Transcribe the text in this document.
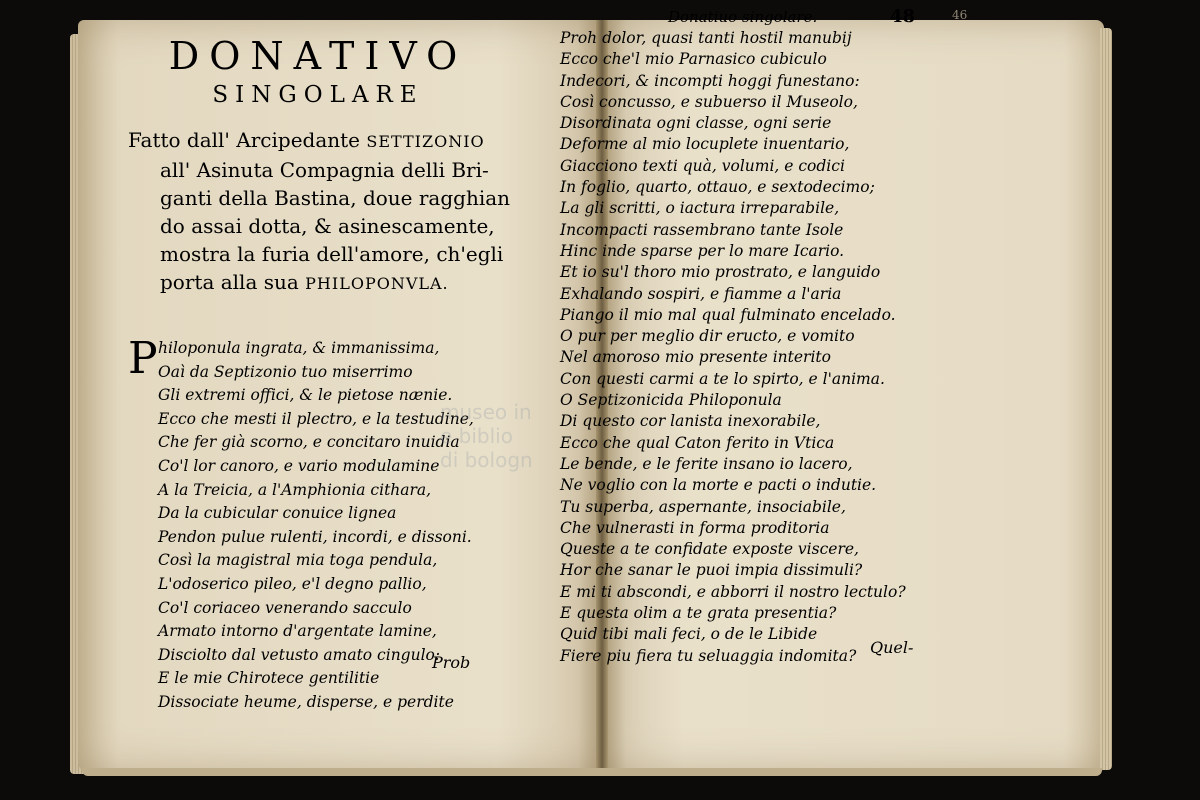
DONATIVO
SINGOLARE
Fatto dall' Arcipedante SETTIZONIO
all' Asinuta Compagnia delli Bri-
ganti della Bastina, doue ragghian
do assai dotta, & asinescamente,
mostra la furia dell'amore, ch'egli
porta alla sua PHILOPONVLA.
P hiloponula ingrata, & immanissima,
Oaì da Septizonio tuo miserrimo
Gli extremi offici, & le pietose nænie.
Ecco che mesti il plectro, e la testudine,
Che fer già scorno, e concitaro inuidia
Co'l lor canoro, e vario modulamine
A la Treicia, a l'Amphionia cithara,
Da la cubicular conuice lignea
Pendon pulue rulenti, incordi, e dissoni.
Così la magistral mia toga pendula,
L'odoserico pileo, e'l degno pallio,
Co'l coriaceo venerando sacculo
Armato intorno d'argentate lamine,
Disciolto dal vetusto amato cingulo:
E le mie Chirotece gentilitie
Dissociate heume, disperse, e perdite
Prob
Donatiuo singolare.	48	46
Proh dolor, quasi tanti hostil manubij
Ecco che'l mio Parnasico cubiculo
Indecori, & incompti hoggi funestano:
Così concusso, e subuerso il Museolo,
Disordinata ogni classe, ogni serie
Deforme al mio locuplete inuentario,
Giacciono texti quà, volumi, e codici
In foglio, quarto, ottauo, e sextodecimo;
La gli scritti, o iactura irreparabile,
Incompacti rassembrano tante Isole
Hinc inde sparse per lo mare Icario.
Et io su'l thoro mio prostrato, e languido
Exhalando sospiri, e fiamme a l'aria
Piango il mio mal qual fulminato encelado.
O pur per meglio dir eructo, e vomito
Nel amoroso mio presente interito
Con questi carmi a te lo spirto, e l'anima.
O Septizonicida Philoponula
Di questo cor lanista inexorabile,
Ecco che qual Caton ferito in Vtica
Le bende, e le ferite insano io lacero,
Ne voglio con la morte e pacti o indutie.
Tu superba, aspernante, insociabile,
Che vulnerasti in forma proditoria
Queste a te confidate exposte viscere,
Hor che sanar le puoi impia dissimuli?
E mi ti abscondi, e abborri il nostro lectulo?
E questa olim a te grata presentia?
Quid tibi mali feci, o de le Libide
Fiere piu fiera tu seluaggia indomita? Quel-
museo in
e biblio
di bologn
